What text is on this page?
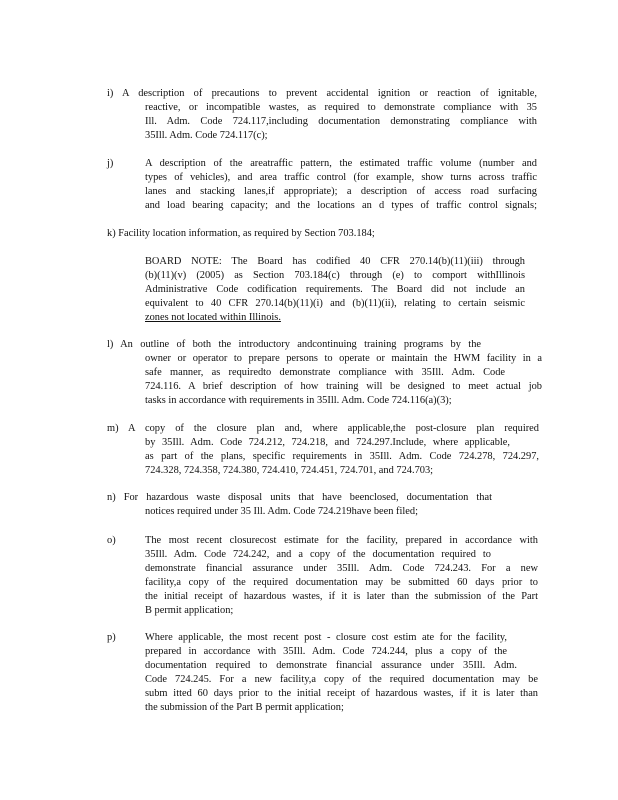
i) A description of precautions to prevent accidental ignition or reaction of ignitable,
reactive, or incompatible wastes, as required to demonstrate compliance with 35
Ill. Adm. Code 724.117,including documentation demonstrating compliance with
35Ill. Adm. Code 724.117(c);
j)	A description of the areatraffic pattern, the estimated traffic volume (number and
types of vehicles), and area traffic control (for example, show turns across traffic
lanes and stacking lanes,if appropriate); a description of access road surfacing
and load bearing capacity; and the locations an d types of traffic control signals;
k) Facility location information, as required by Section 703.184;
BOARD NOTE: The Board has codified 40 CFR 270.14(b)(11)(iii) through
(b)(11)(v) (2005) as Section 703.184(c) through (e) to comport withIllinois
Administrative Code codification requirements. The Board did not include an
equivalent to 40 CFR 270.14(b)(11)(i) and (b)(11)(ii), relating to certain seismic
zones not located within Illinois.
l) An outline of both the introductory andcontinuing training programs by the
owner or operator to prepare persons to operate or maintain the HWM facility in a
safe manner, as requiredto demonstrate compliance with 35Ill. Adm. Code
724.116. A brief description of how training will be designed to meet actual job
tasks in accordance with requirements in 35Ill. Adm. Code 724.116(a)(3);
m) A copy of the closure plan and, where applicable,the post-closure plan required
by 35Ill. Adm. Code 724.212, 724.218, and 724.297.Include, where applicable,
as part of the plans, specific requirements in 35Ill. Adm. Code 724.278, 724.297,
724.328, 724.358, 724.380, 724.410, 724.451, 724.701, and 724.703;
n) For hazardous waste disposal units that have beenclosed, documentation that
notices required under 35 Ill. Adm. Code 724.219have been filed;
o)	The most recent closurecost estimate for the facility, prepared in accordance with
35Ill. Adm. Code 724.242, and a copy of the documentation required to
demonstrate financial assurance under 35Ill. Adm. Code 724.243. For a new
facility,a copy of the required documentation may be submitted 60 days prior to
the initial receipt of hazardous wastes, if it is later than the submission of the Part
B permit application;
p)	Where applicable, the most recent post - closure cost estim ate for the facility,
prepared in accordance with 35Ill. Adm. Code 724.244, plus a copy of the
documentation required to demonstrate financial assurance under 35Ill. Adm.
Code 724.245. For a new facility,a copy of the required documentation may be
subm itted 60 days prior to the initial receipt of hazardous wastes, if it is later than
the submission of the Part B permit application;
